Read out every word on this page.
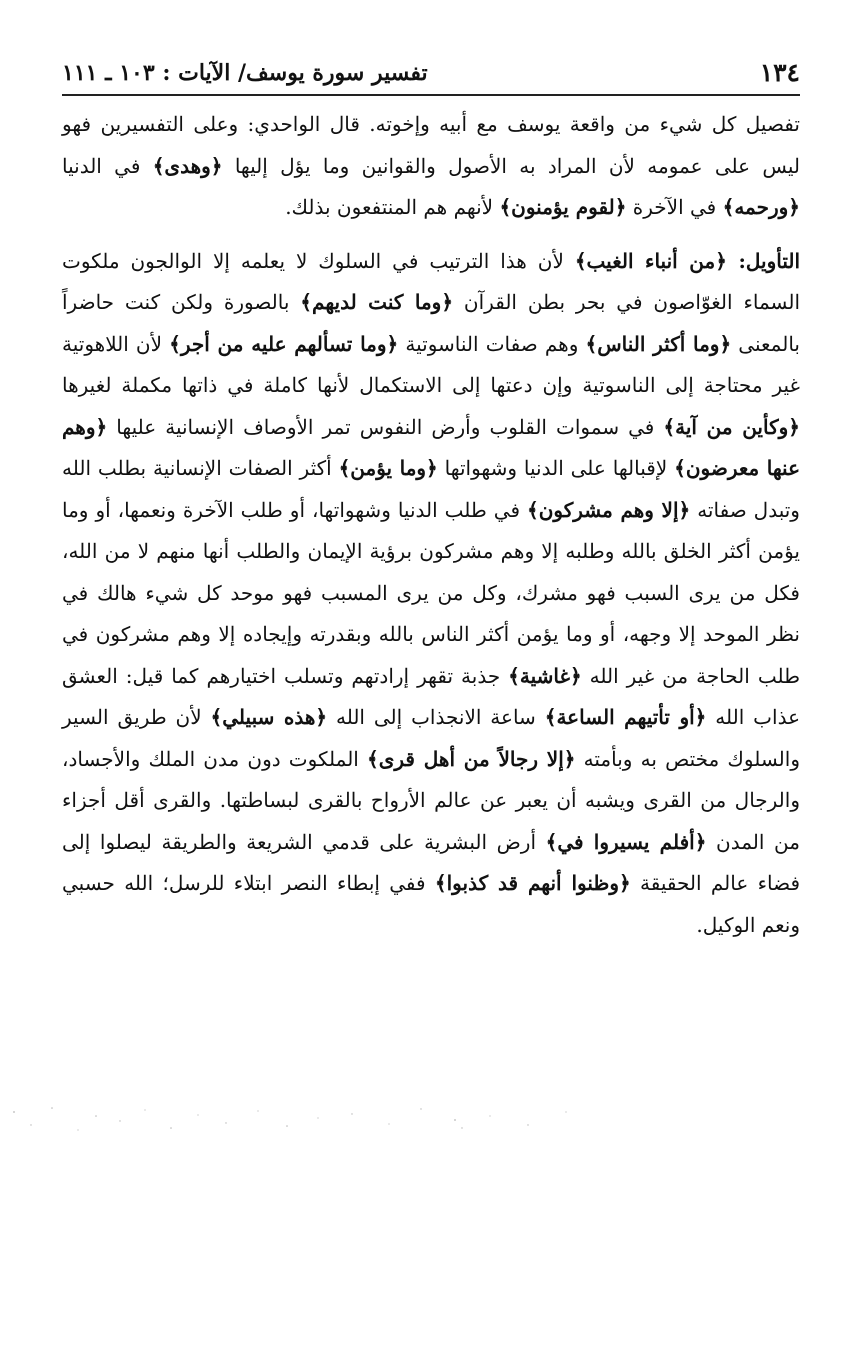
١٣٤
تفسير سورة يوسف/ الآيات : ١٠٣ ـ ١١١

تفصيل كل شيء من واقعة يوسف مع أبيه وإخوته. قال الواحدي: وعلى التفسيرين فهو ليس على عمومه لأن المراد به الأصول والقوانين وما يؤل إليها ﴿وهدى﴾ في الدنيا ﴿ورحمه﴾ في الآخرة ﴿لقوم يؤمنون﴾ لأنهم هم المنتفعون بذلك.

التأويل: ﴿من أنباء الغيب﴾ لأن هذا الترتيب في السلوك لا يعلمه إلا الوالجون ملكوت السماء الغوّاصون في بحر بطن القرآن ﴿وما كنت لديهم﴾ بالصورة ولكن كنت حاضراً بالمعنى ﴿وما أكثر الناس﴾ وهم صفات الناسوتية ﴿وما تسألهم عليه من أجر﴾ لأن اللاهوتية غير محتاجة إلى الناسوتية وإن دعتها إلى الاستكمال لأنها كاملة في ذاتها مكملة لغيرها ﴿وكأين من آية﴾ في سموات القلوب وأرض النفوس تمر الأوصاف الإنسانية عليها ﴿وهم عنها معرضون﴾ لإقبالها على الدنيا وشهواتها ﴿وما يؤمن﴾ أكثر الصفات الإنسانية بطلب الله وتبدل صفاته ﴿إلا وهم مشركون﴾ في طلب الدنيا وشهواتها، أو طلب الآخرة ونعمها، أو وما يؤمن أكثر الخلق بالله وطلبه إلا وهم مشركون برؤية الإيمان والطلب أنها منهم لا من الله، فكل من يرى السبب فهو مشرك، وكل من يرى المسبب فهو موحد كل شيء هالك في نظر الموحد إلا وجهه، أو وما يؤمن أكثر الناس بالله وبقدرته وإيجاده إلا وهم مشركون في طلب الحاجة من غير الله ﴿غاشية﴾ جذبة تقهر إرادتهم وتسلب اختيارهم كما قيل: العشق عذاب الله ﴿أو تأتيهم الساعة﴾ ساعة الانجذاب إلى الله ﴿هذه سبيلي﴾ لأن طريق السير والسلوك مختص به وبأمته ﴿إلا رجالاً من أهل قرى﴾ الملكوت دون مدن الملك والأجساد، والرجال من القرى ويشبه أن يعبر عن عالم الأرواح بالقرى لبساطتها. والقرى أقل أجزاء من المدن ﴿أفلم يسيروا في﴾ أرض البشرية على قدمي الشريعة والطريقة ليصلوا إلى فضاء عالم الحقيقة ﴿وظنوا أنهم قد كذبوا﴾ ففي إبطاء النصر ابتلاء للرسل؛ الله حسبي ونعم الوكيل.
